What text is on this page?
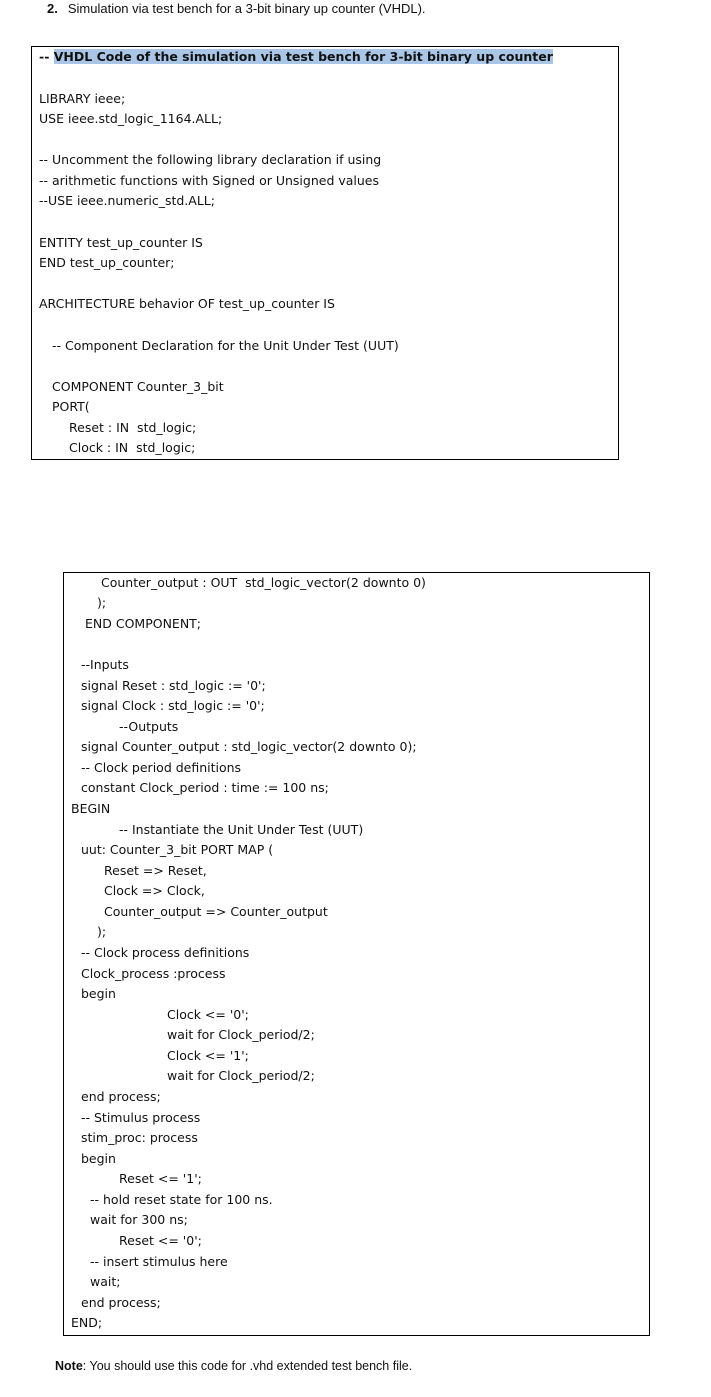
2. Simulation via test bench for a 3-bit binary up counter (VHDL).
-- VHDL Code of the simulation via test bench for 3-bit binary up counter
LIBRARY ieee;
USE ieee.std_logic_1164.ALL;
-- Uncomment the following library declaration if using
-- arithmetic functions with Signed or Unsigned values
--USE ieee.numeric_std.ALL;
ENTITY test_up_counter IS
END test_up_counter;
ARCHITECTURE behavior OF test_up_counter IS
-- Component Declaration for the Unit Under Test (UUT)
COMPONENT Counter_3_bit
PORT(
Reset : IN  std_logic;
Clock : IN  std_logic;
Counter_output : OUT  std_logic_vector(2 downto 0)
);
END COMPONENT;
--Inputs
signal Reset : std_logic := '0';
signal Clock : std_logic := '0';
--Outputs
signal Counter_output : std_logic_vector(2 downto 0);
-- Clock period definitions
constant Clock_period : time := 100 ns;
BEGIN
-- Instantiate the Unit Under Test (UUT)
uut: Counter_3_bit PORT MAP (
Reset => Reset,
Clock => Clock,
Counter_output => Counter_output
);
-- Clock process definitions
Clock_process :process
begin
Clock <= '0';
wait for Clock_period/2;
Clock <= '1';
wait for Clock_period/2;
end process;
-- Stimulus process
stim_proc: process
begin
Reset <= '1';
-- hold reset state for 100 ns.
wait for 300 ns;
Reset <= '0';
-- insert stimulus here
wait;
end process;
END;
Note: You should use this code for .vhd extended test bench file.
